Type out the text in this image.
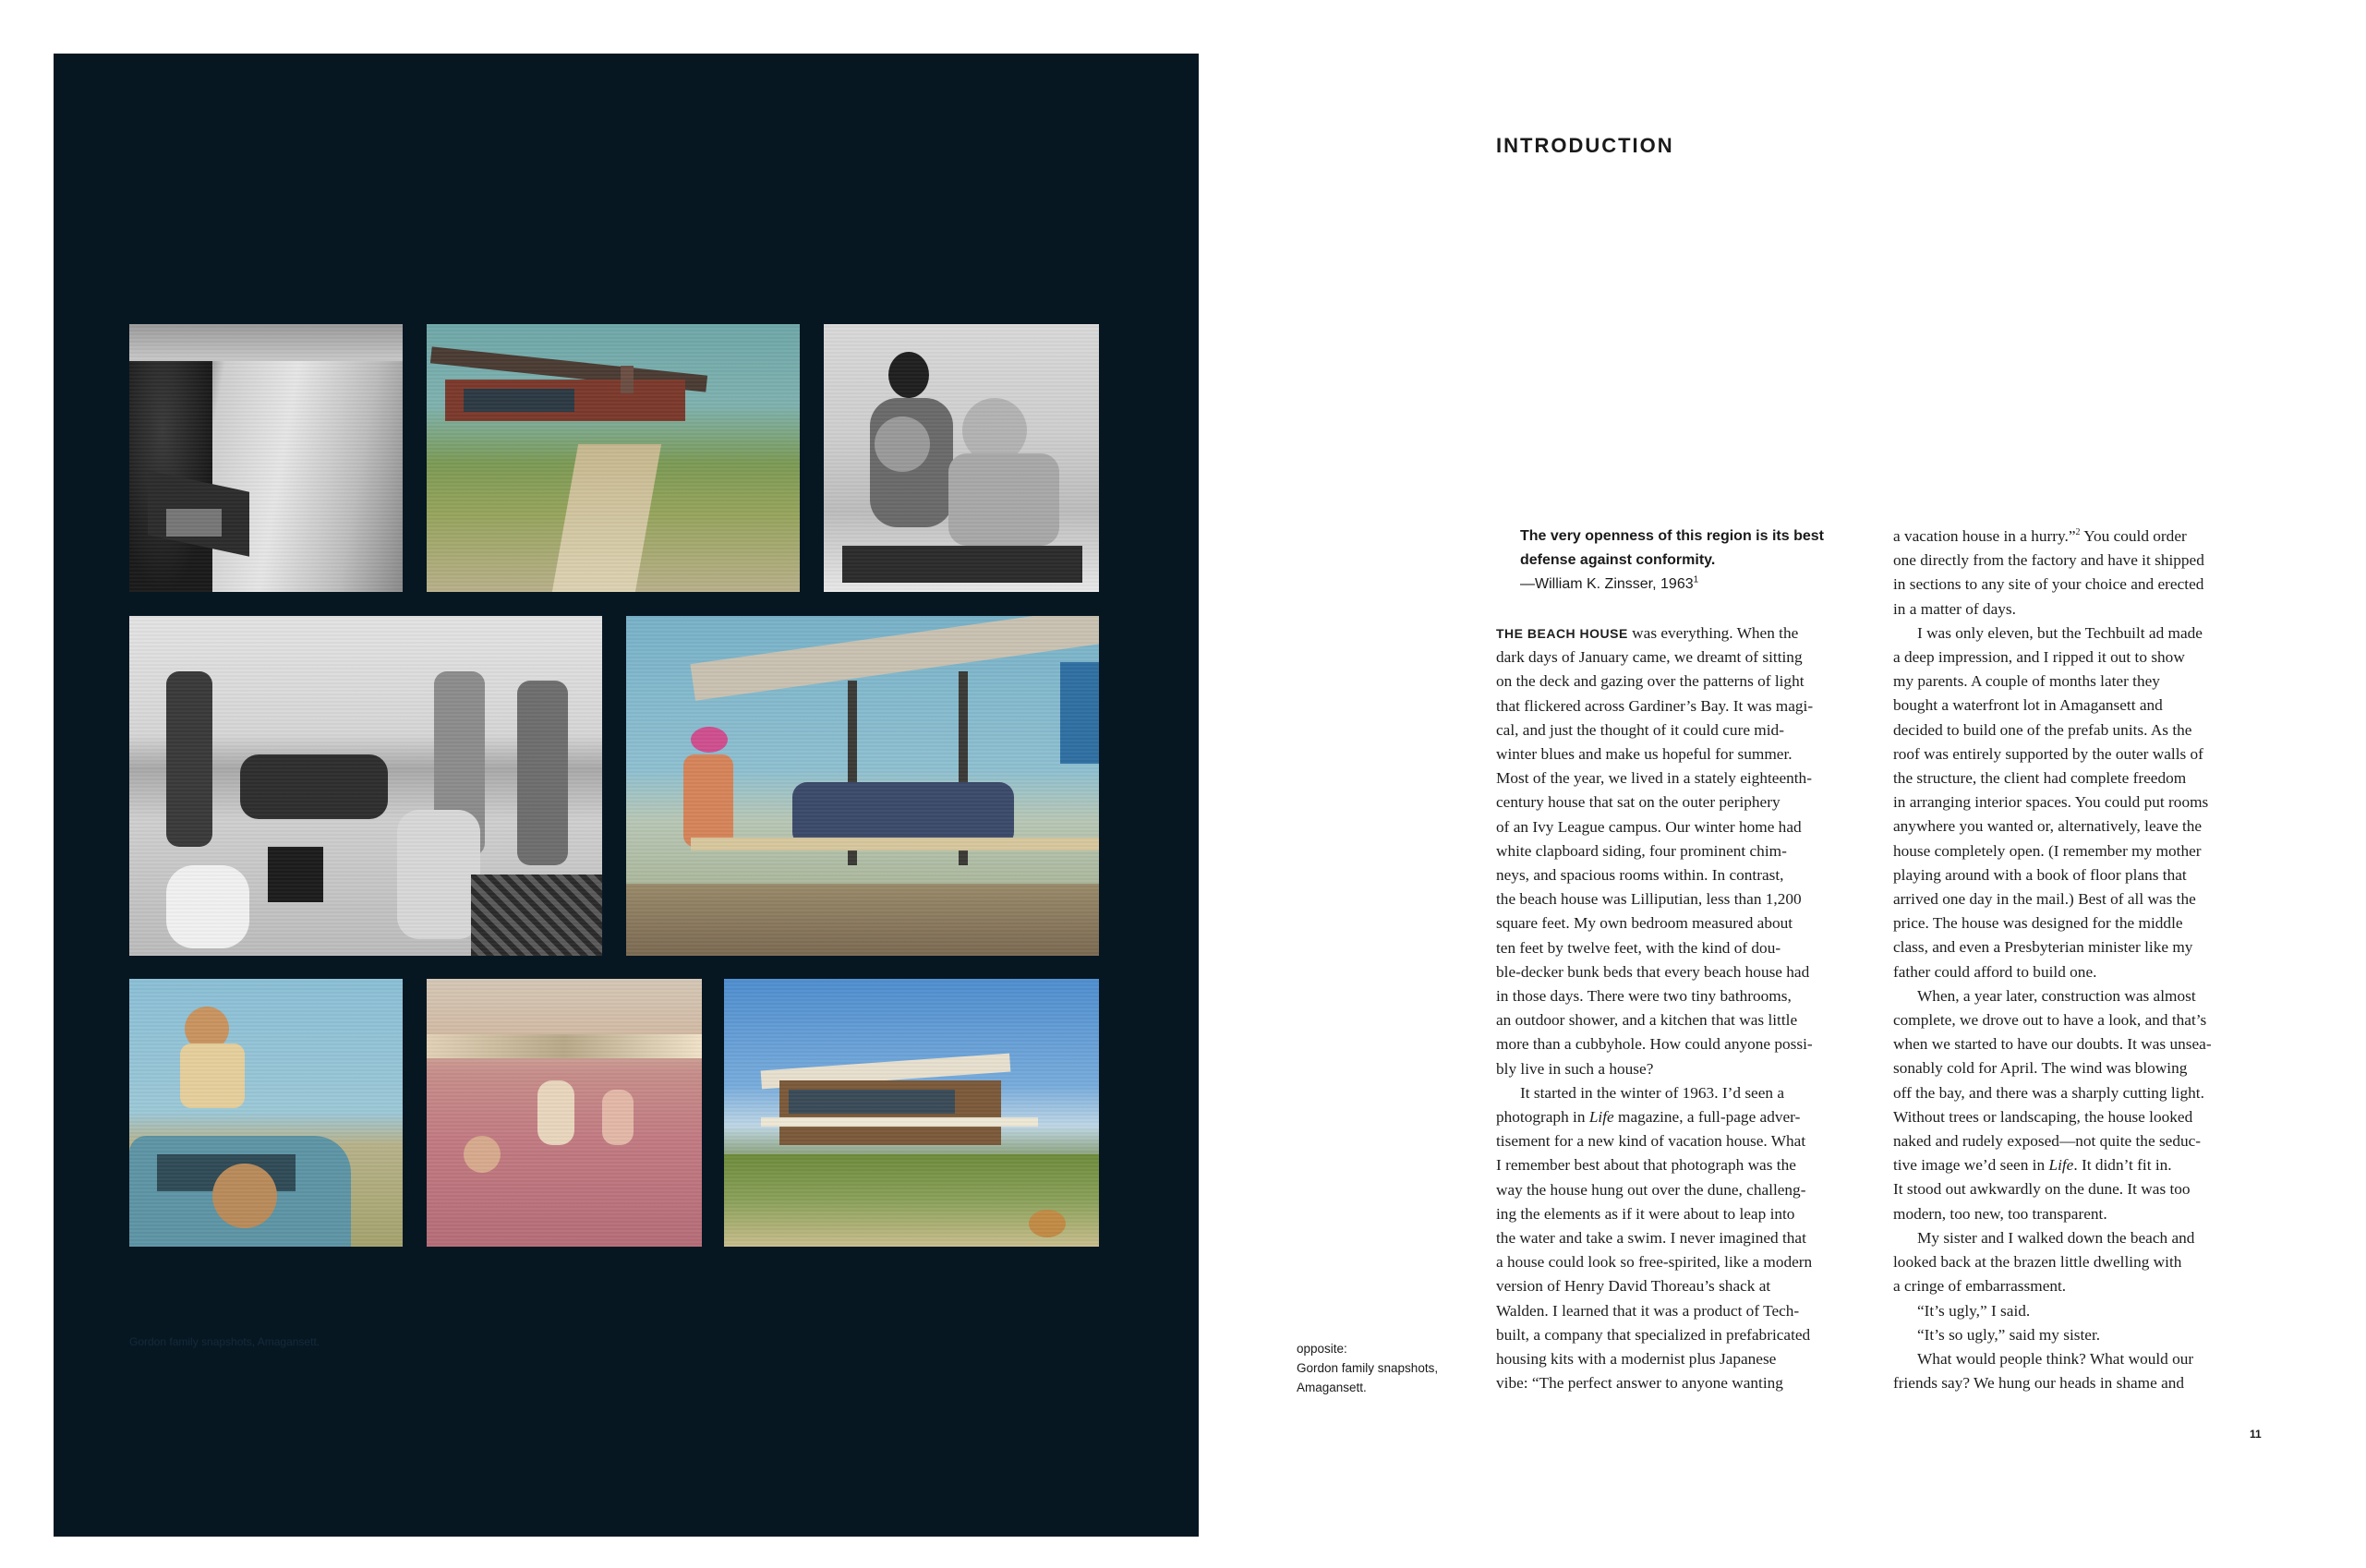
Gordon family snapshots, Amagansett.
INTRODUCTION
The very openness of this region is its best
defense against conformity.
—William K. Zinsser, 1963$^1$
THE BEACH HOUSE was everything. When the
dark days of January came, we dreamt of sitting
on the deck and gazing over the patterns of light
that flickered across Gardiner’s Bay. It was magi-
cal, and just the thought of it could cure mid-
winter blues and make us hopeful for summer.
Most of the year, we lived in a stately eighteenth-
century house that sat on the outer periphery
of an Ivy League campus. Our winter home had
white clapboard siding, four prominent chim-
neys, and spacious rooms within. In contrast,
the beach house was Lilliputian, less than 1,200
square feet. My own bedroom measured about
ten feet by twelve feet, with the kind of dou-
ble-decker bunk beds that every beach house had
in those days. There were two tiny bathrooms,
an outdoor shower, and a kitchen that was little
more than a cubbyhole. How could anyone possi-
bly live in such a house?
It started in the winter of 1963. I’d seen a
photograph in Life magazine, a full-page adver-
tisement for a new kind of vacation house. What
I remember best about that photograph was the
way the house hung out over the dune, challeng-
ing the elements as if it were about to leap into
the water and take a swim. I never imagined that
a house could look so free-spirited, like a modern
version of Henry David Thoreau’s shack at
Walden. I learned that it was a product of Tech-
built, a company that specialized in prefabricated
housing kits with a modernist plus Japanese
vibe: “The perfect answer to anyone wanting
a vacation house in a hurry.”$^2$ You could order
one directly from the factory and have it shipped
in sections to any site of your choice and erected
in a matter of days.
I was only eleven, but the Techbuilt ad made
a deep impression, and I ripped it out to show
my parents. A couple of months later they
bought a waterfront lot in Amagansett and
decided to build one of the prefab units. As the
roof was entirely supported by the outer walls of
the structure, the client had complete freedom
in arranging interior spaces. You could put rooms
anywhere you wanted or, alternatively, leave the
house completely open. (I remember my mother
playing around with a book of floor plans that
arrived one day in the mail.) Best of all was the
price. The house was designed for the middle
class, and even a Presbyterian minister like my
father could afford to build one.
When, a year later, construction was almost
complete, we drove out to have a look, and that’s
when we started to have our doubts. It was unsea-
sonably cold for April. The wind was blowing
off the bay, and there was a sharply cutting light.
Without trees or landscaping, the house looked
naked and rudely exposed—not quite the seduc-
tive image we’d seen in Life. It didn’t fit in.
It stood out awkwardly on the dune. It was too
modern, too new, too transparent.
My sister and I walked down the beach and
looked back at the brazen little dwelling with
a cringe of embarrassment.
“It’s ugly,” I said.
“It’s so ugly,” said my sister.
What would people think? What would our
friends say? We hung our heads in shame and
opposite:
Gordon family snapshots,
Amagansett.
11
